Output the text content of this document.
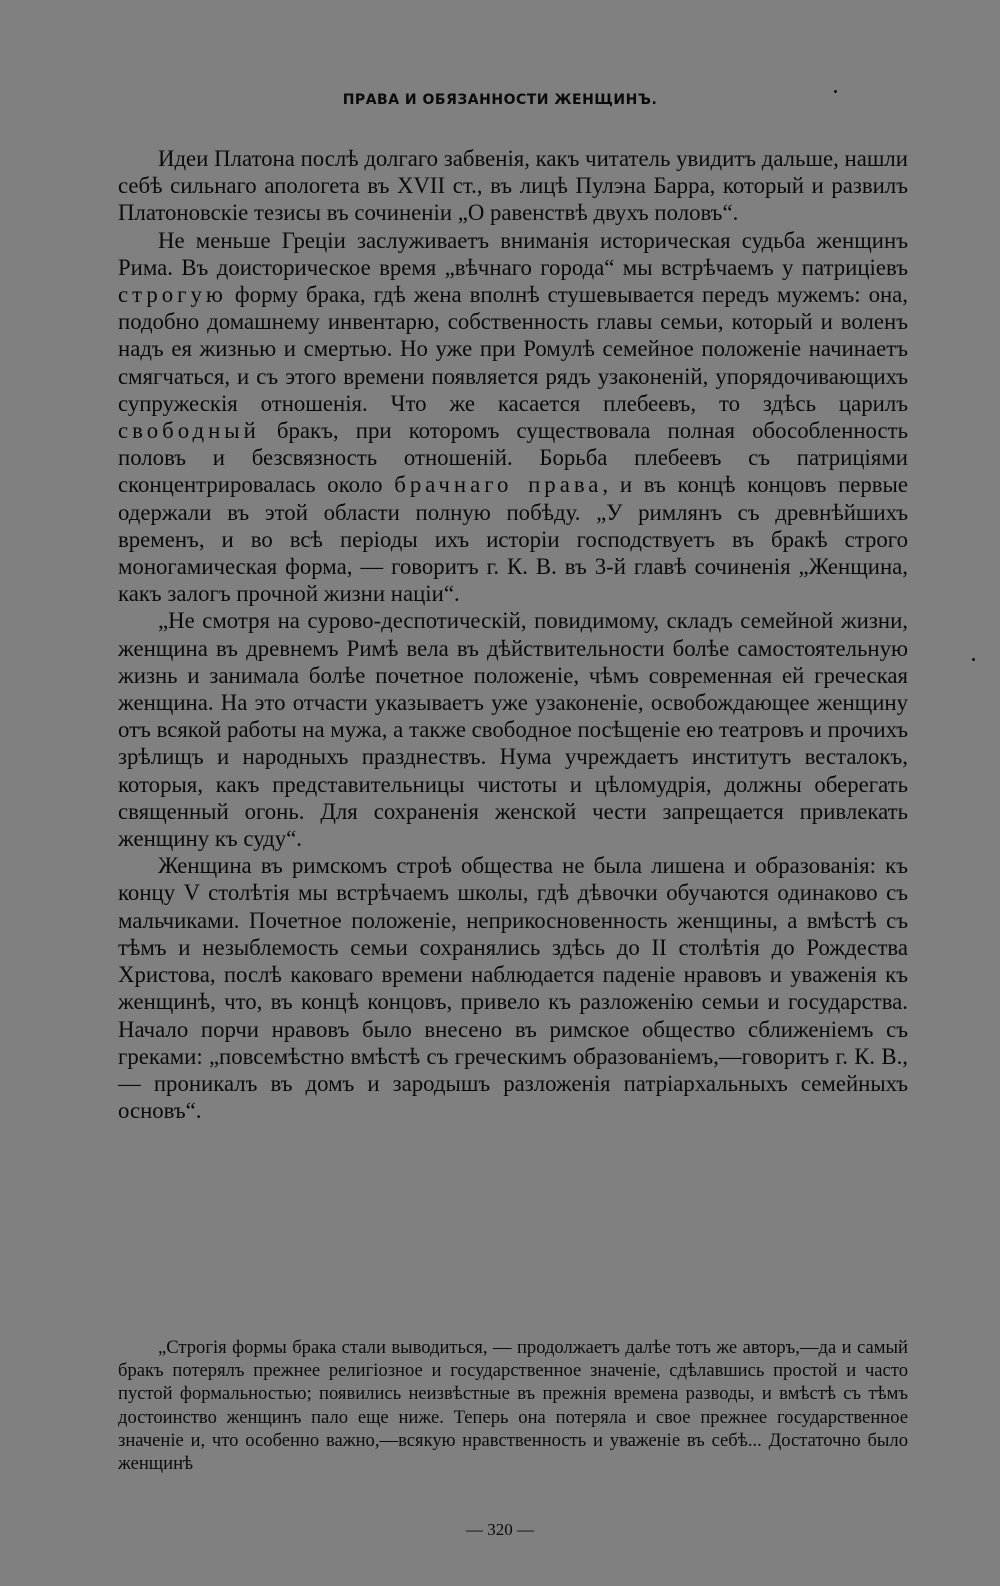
ПРАВА И ОБЯЗАННОСТИ ЖЕНЩИНЪ.

Идеи Платона послѣ долгаго забвенія, какъ читатель увидитъ дальше, нашли себѣ сильнаго апологета въ XVII ст., въ лицѣ Пулэна Барра, который и развилъ Платоновскіе тезисы въ сочиненіи „О равенствѣ двухъ половъ“.

Не меньше Греціи заслуживаетъ вниманія историческая судьба женщинъ Рима. Въ доисторическое время „вѣчнаго города“ мы встрѣчаемъ у патриціевъ строгую форму брака, гдѣ жена вполнѣ стушевывается передъ мужемъ: она, подобно домашнему инвентарю, собственность главы семьи, который и воленъ надъ ея жизнью и смертью. Но уже при Ромулѣ семейное положеніе начинаетъ смягчаться, и съ этого времени появляется рядъ узаконеній, упорядочивающихъ супружескія отношенія. Что же касается плебеевъ, то здѣсь царилъ свободный бракъ, при которомъ существовала полная обособленность половъ и безсвязность отношеній. Борьба плебеевъ съ патриціями сконцентрировалась около брачнаго права, и въ концѣ концовъ первые одержали въ этой области полную побѣду. „У римлянъ съ древнѣйшихъ временъ, и во всѣ періоды ихъ исторіи господствуетъ въ бракѣ строго моногамическая форма, — говоритъ г. К. В. въ 3-й главѣ сочиненія „Женщина, какъ залогъ прочной жизни націи“.

„Не смотря на сурово-деспотическій, повидимому, складъ семейной жизни, женщина въ древнемъ Римѣ вела въ дѣйствительности болѣе самостоятельную жизнь и занимала болѣе почетное положеніе, чѣмъ современная ей греческая женщина. На это отчасти указываетъ уже узаконеніе, освобождающее женщину отъ всякой работы на мужа, а также свободное посѣщеніе ею театровъ и прочихъ зрѣлищъ и народныхъ празднествъ. Нума учреждаетъ институтъ весталокъ, которыя, какъ представительницы чистоты и цѣломудрія, должны оберегать священный огонь. Для сохраненія женской чести запрещается привлекать женщину къ суду“.

Женщина въ римскомъ строѣ общества не была лишена и образованія: къ концу V столѣтія мы встрѣчаемъ школы, гдѣ дѣвочки обучаются одинаково съ мальчиками. Почетное положеніе, неприкосновенность женщины, а вмѣстѣ съ тѣмъ и незыблемость семьи сохранялись здѣсь до II столѣтія до Рождества Христова, послѣ каковаго времени наблюдается паденіе нравовъ и уваженія къ женщинѣ, что, въ концѣ концовъ, привело къ разложенію семьи и государства. Начало порчи нравовъ было внесено въ римское общество сближеніемъ съ греками: „повсемѣстно вмѣстѣ съ греческимъ образованіемъ,—говоритъ г. К. В.,— проникалъ въ домъ и зародышъ разложенія патріархальныхъ семейныхъ основъ“.

„Строгія формы брака стали выводиться, — продолжаетъ далѣе тотъ же авторъ,—да и самый бракъ потерялъ прежнее религіозное и государственное значеніе, сдѣлавшись простой и часто пустой формальностью; появились неизвѣстные въ прежнія времена разводы, и вмѣстѣ съ тѣмъ достоинство женщинъ пало еще ниже. Теперь она потеряла и свое прежнее государственное значеніе и, что особенно важно,—всякую нравственность и уваженіе въ себѣ... Достаточно было женщинѣ

— 320 —
